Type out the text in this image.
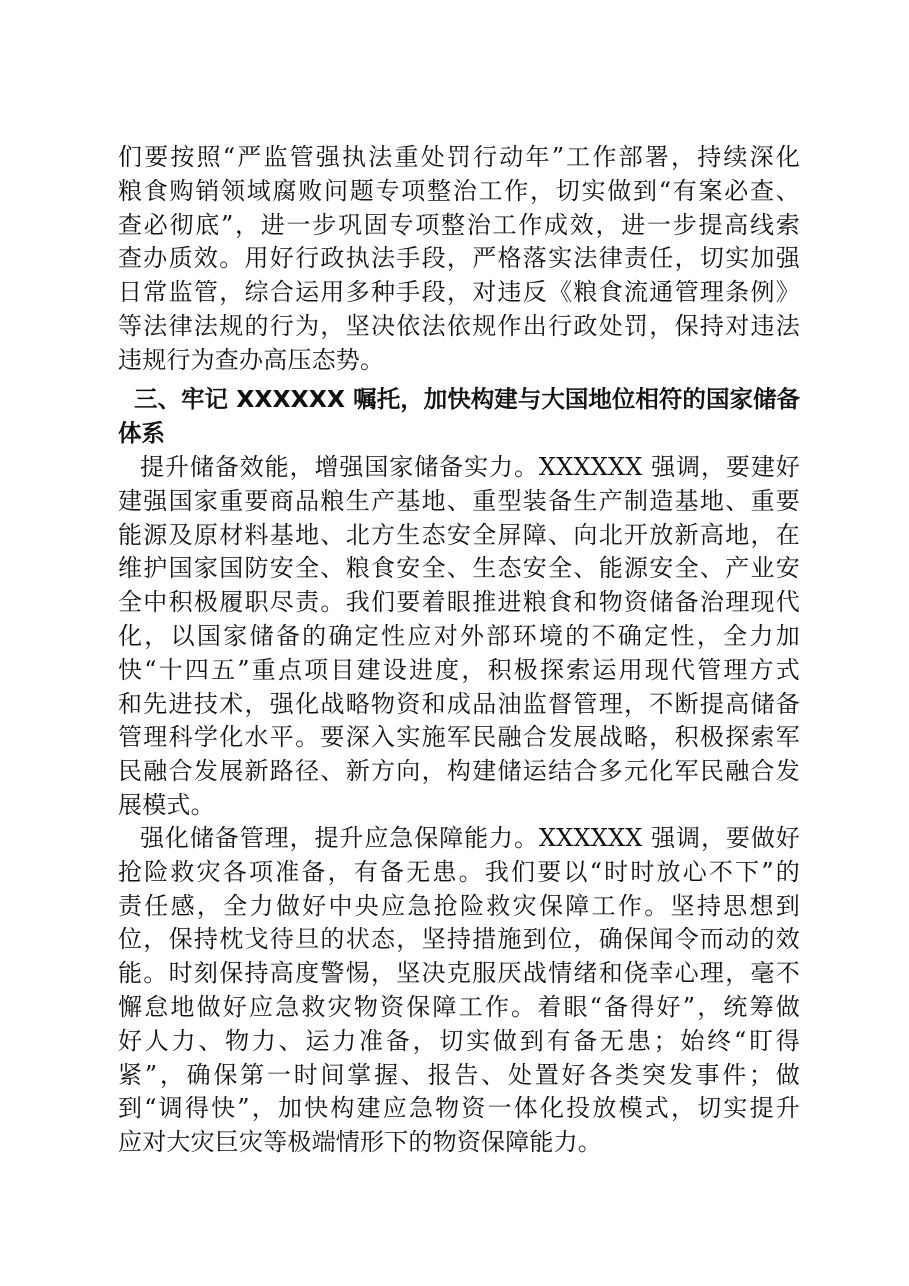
们要按照“严监管强执法重处罚行动年”工作部署，持续深化
粮食购销领域腐败问题专项整治工作，切实做到“有案必查、
查必彻底”，进一步巩固专项整治工作成效，进一步提高线索
查办质效。用好行政执法手段，严格落实法律责任，切实加强
日常监管，综合运用多种手段，对违反《粮食流通管理条例》
等法律法规的行为，坚决依法依规作出行政处罚，保持对违法
违规行为查办高压态势。
三、牢记 XXXXXX 嘱托，加快构建与大国地位相符的国家储备
体系
提升储备效能，增强国家储备实力。XXXXXX 强调，要建好
建强国家重要商品粮生产基地、重型装备生产制造基地、重要
能源及原材料基地、北方生态安全屏障、向北开放新高地，在
维护国家国防安全、粮食安全、生态安全、能源安全、产业安
全中积极履职尽责。我们要着眼推进粮食和物资储备治理现代
化，以国家储备的确定性应对外部环境的不确定性，全力加
快“十四五”重点项目建设进度，积极探索运用现代管理方式
和先进技术，强化战略物资和成品油监督管理，不断提高储备
管理科学化水平。要深入实施军民融合发展战略，积极探索军
民融合发展新路径、新方向，构建储运结合多元化军民融合发
展模式。
强化储备管理，提升应急保障能力。XXXXXX 强调，要做好
抢险救灾各项准备，有备无患。我们要以“时时放心不下”的
责任感，全力做好中央应急抢险救灾保障工作。坚持思想到
位，保持枕戈待旦的状态，坚持措施到位，确保闻令而动的效
能。时刻保持高度警惕，坚决克服厌战情绪和侥幸心理，毫不
懈怠地做好应急救灾物资保障工作。着眼“备得好”，统筹做
好人力、物力、运力准备，切实做到有备无患；始终“盯得
紧”，确保第一时间掌握、报告、处置好各类突发事件；做
到“调得快”，加快构建应急物资一体化投放模式，切实提升
应对大灾巨灾等极端情形下的物资保障能力。
